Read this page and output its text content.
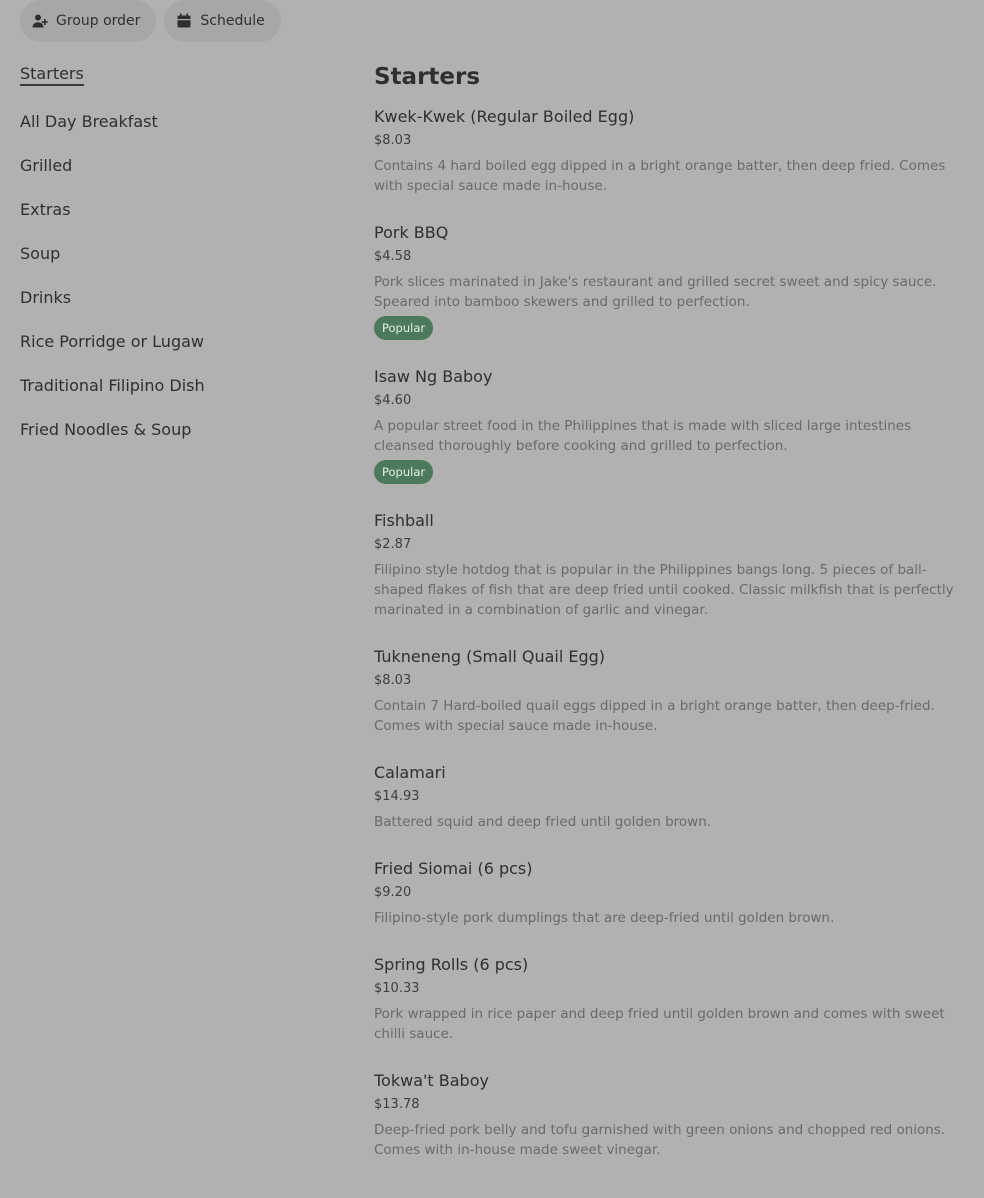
Group order	Schedule
Starters
All Day Breakfast
Grilled
Extras
Soup
Drinks
Rice Porridge or Lugaw
Traditional Filipino Dish
Fried Noodles & Soup
Starters
Kwek-Kwek (Regular Boiled Egg)
$8.03
Contains 4 hard boiled egg dipped in a bright orange batter, then deep fried. Comes with special sauce made in-house.
Pork BBQ
$4.58
Pork slices marinated in Jake's restaurant and grilled secret sweet and spicy sauce. Speared into bamboo skewers and grilled to perfection.
Popular
Isaw Ng Baboy
$4.60
A popular street food in the Philippines that is made with sliced large intestines cleansed thoroughly before cooking and grilled to perfection.
Popular
Fishball
$2.87
Filipino style hotdog that is popular in the Philippines bangs long. 5 pieces of ball-shaped flakes of fish that are deep fried until cooked. Classic milkfish that is perfectly marinated in a combination of garlic and vinegar.
Tukneneng (Small Quail Egg)
$8.03
Contain 7 Hard-boiled quail eggs dipped in a bright orange batter, then deep-fried. Comes with special sauce made in-house.
Calamari
$14.93
Battered squid and deep fried until golden brown.
Fried Siomai (6 pcs)
$9.20
Filipino-style pork dumplings that are deep-fried until golden brown.
Spring Rolls (6 pcs)
$10.33
Pork wrapped in rice paper and deep fried until golden brown and comes with sweet chilli sauce.
Tokwa't Baboy
$13.78
Deep-fried pork belly and tofu garnished with green onions and chopped red onions. Comes with in-house made sweet vinegar.
